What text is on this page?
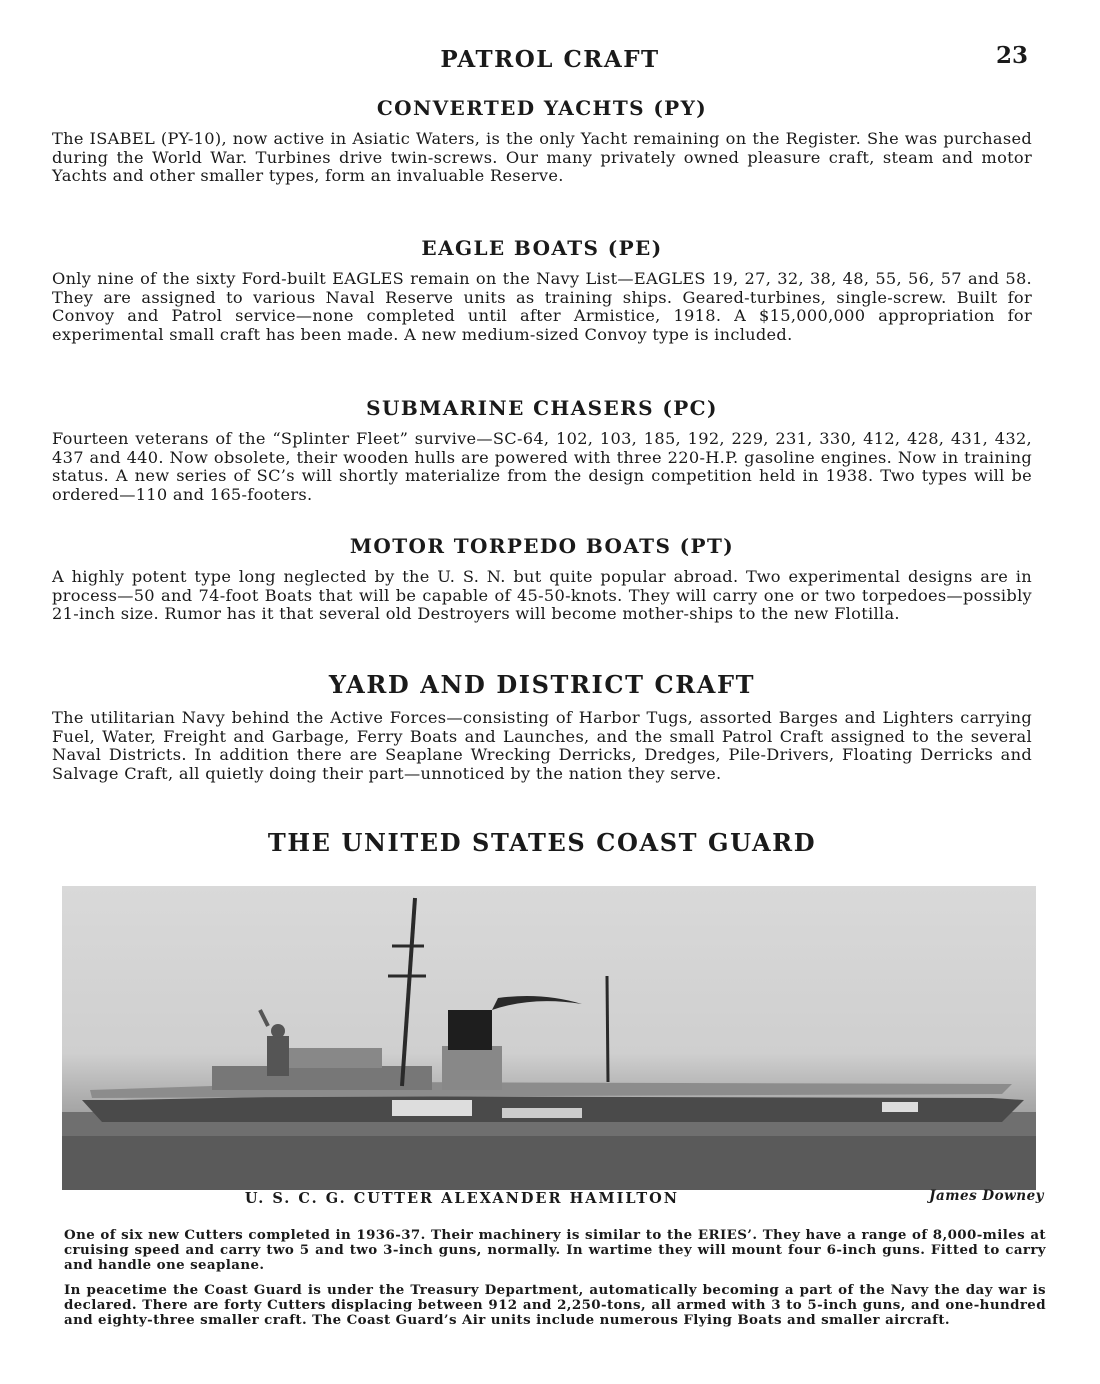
PATROL CRAFT	23
CONVERTED YACHTS (PY)

The ISABEL (PY-10), now active in Asiatic Waters, is the only Yacht remaining on the Register. She was purchased during the World War. Turbines drive twin-screws. Our many privately owned pleasure craft, steam and motor Yachts and other smaller types, form an invaluable Reserve.

EAGLE BOATS (PE)

Only nine of the sixty Ford-built EAGLES remain on the Navy List—EAGLES 19, 27, 32, 38, 48, 55, 56, 57 and 58. They are assigned to various Naval Reserve units as training ships. Geared-turbines, single-screw. Built for Convoy and Patrol service—none completed until after Armistice, 1918. A $15,000,000 appropriation for experimental small craft has been made. A new medium-sized Convoy type is included.

SUBMARINE CHASERS (PC)

Fourteen veterans of the “Splinter Fleet” survive—SC-64, 102, 103, 185, 192, 229, 231, 330, 412, 428, 431, 432, 437 and 440. Now obsolete, their wooden hulls are powered with three 220-H.P. gasoline engines. Now in training status. A new series of SC’s will shortly materialize from the design competition held in 1938. Two types will be ordered—110 and 165-footers.

MOTOR TORPEDO BOATS (PT)

A highly potent type long neglected by the U. S. N. but quite popular abroad. Two experimental designs are in process—50 and 74-foot Boats that will be capable of 45-50-knots. They will carry one or two torpedoes—possibly 21-inch size. Rumor has it that several old Destroyers will become mother-ships to the new Flotilla.

YARD AND DISTRICT CRAFT

The utilitarian Navy behind the Active Forces—consisting of Harbor Tugs, assorted Barges and Lighters carrying Fuel, Water, Freight and Garbage, Ferry Boats and Launches, and the small Patrol Craft assigned to the several Naval Districts. In addition there are Seaplane Wrecking Derricks, Dredges, Pile-Drivers, Floating Derricks and Salvage Craft, all quietly doing their part—unnoticed by the nation they serve.

THE UNITED STATES COAST GUARD
U. S. C. G. CUTTER ALEXANDER HAMILTON	James Downey

One of six new Cutters completed in 1936-37. Their machinery is similar to the ERIES’. They have a range of 8,000-miles at cruising speed and carry two 5 and two 3-inch guns, normally. In wartime they will mount four 6-inch guns. Fitted to carry and handle one seaplane.

In peacetime the Coast Guard is under the Treasury Department, automatically becoming a part of the Navy the day war is declared. There are forty Cutters displacing between 912 and 2,250-tons, all armed with 3 to 5-inch guns, and one-hundred and eighty-three smaller craft. The Coast Guard’s Air units include numerous Flying Boats and smaller aircraft.
